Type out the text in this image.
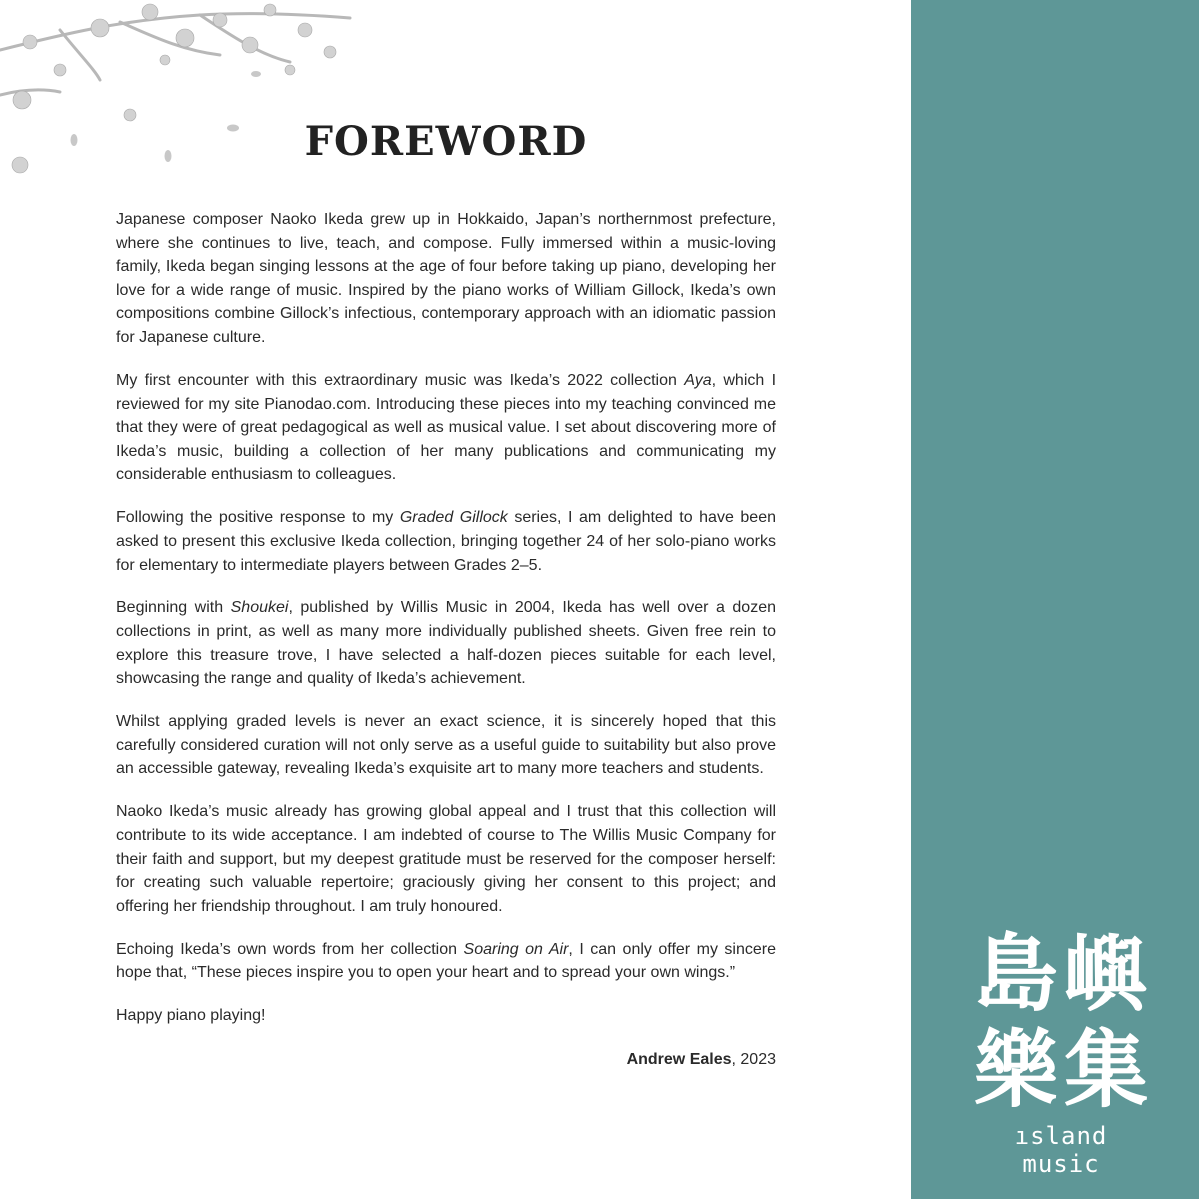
FOREWORD

Japanese composer Naoko Ikeda grew up in Hokkaido, Japan’s northernmost prefecture, where she continues to live, teach, and compose. Fully immersed within a music-loving family, Ikeda began singing lessons at the age of four before taking up piano, developing her love for a wide range of music. Inspired by the piano works of William Gillock, Ikeda’s own compositions combine Gillock’s infectious, contemporary approach with an idiomatic passion for Japanese culture.

My first encounter with this extraordinary music was Ikeda’s 2022 collection Aya, which I reviewed for my site Pianodao.com. Introducing these pieces into my teaching convinced me that they were of great pedagogical as well as musical value. I set about discovering more of Ikeda’s music, building a collection of her many publications and communicating my considerable enthusiasm to colleagues.

Following the positive response to my Graded Gillock series, I am delighted to have been asked to present this exclusive Ikeda collection, bringing together 24 of her solo-piano works for elementary to intermediate players between Grades 2–5.

Beginning with Shoukei, published by Willis Music in 2004, Ikeda has well over a dozen collections in print, as well as many more individually published sheets. Given free rein to explore this treasure trove, I have selected a half-dozen pieces suitable for each level, showcasing the range and quality of Ikeda’s achievement.

Whilst applying graded levels is never an exact science, it is sincerely hoped that this carefully considered curation will not only serve as a useful guide to suitability but also prove an accessible gateway, revealing Ikeda’s exquisite art to many more teachers and students.

Naoko Ikeda’s music already has growing global appeal and I trust that this collection will contribute to its wide acceptance. I am indebted of course to The Willis Music Company for their faith and support, but my deepest gratitude must be reserved for the composer herself: for creating such valuable repertoire; graciously giving her consent to this project; and offering her friendship throughout. I am truly honoured.

Echoing Ikeda’s own words from her collection Soaring on Air, I can only offer my sincere hope that, “These pieces inspire you to open your heart and to spread your own wings.”

Happy piano playing!

Andrew Eales, 2023
島 嶼
樂 集
ısland music
